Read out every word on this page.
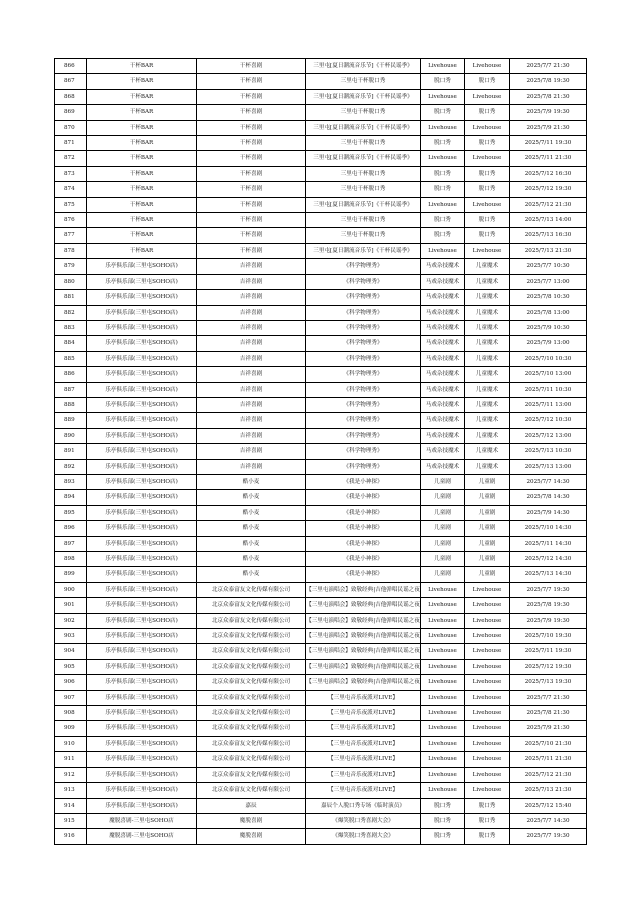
866	干杯BAR	干杯喜剧	三里屯[夏日潮流音乐节]《干杯民谣季》	Livehouse	Livehouse	2025/7/7 21:30
867	干杯BAR	干杯喜剧	三里屯干杯脱口秀	脱口秀	脱口秀	2025/7/8 19:30
868	干杯BAR	干杯喜剧	三里屯[夏日潮流音乐节]《干杯民谣季》	Livehouse	Livehouse	2025/7/8 21:30
869	干杯BAR	干杯喜剧	三里屯干杯脱口秀	脱口秀	脱口秀	2025/7/9 19:30
870	干杯BAR	干杯喜剧	三里屯[夏日潮流音乐节]《干杯民谣季》	Livehouse	Livehouse	2025/7/9 21:30
871	干杯BAR	干杯喜剧	三里屯干杯脱口秀	脱口秀	脱口秀	2025/7/11 19:30
872	干杯BAR	干杯喜剧	三里屯[夏日潮流音乐节]《干杯民谣季》	Livehouse	Livehouse	2025/7/11 21:30
873	干杯BAR	干杯喜剧	三里屯干杯脱口秀	脱口秀	脱口秀	2025/7/12 16:30
874	干杯BAR	干杯喜剧	三里屯干杯脱口秀	脱口秀	脱口秀	2025/7/12 19:30
875	干杯BAR	干杯喜剧	三里屯[夏日潮流音乐节]《干杯民谣季》	Livehouse	Livehouse	2025/7/12 21:30
876	干杯BAR	干杯喜剧	三里屯干杯脱口秀	脱口秀	脱口秀	2025/7/13 14:00
877	干杯BAR	干杯喜剧	三里屯干杯脱口秀	脱口秀	脱口秀	2025/7/13 16:30
878	干杯BAR	干杯喜剧	三里屯[夏日潮流音乐节]《干杯民谣季》	Livehouse	Livehouse	2025/7/13 21:30
879	乐亭俱乐部(三里屯SOHO店)	吉祥喜剧	《科学物理秀》	马戏杂技魔术	儿童魔术	2025/7/7 10:30
880	乐亭俱乐部(三里屯SOHO店)	吉祥喜剧	《科学物理秀》	马戏杂技魔术	儿童魔术	2025/7/7 13:00
881	乐亭俱乐部(三里屯SOHO店)	吉祥喜剧	《科学物理秀》	马戏杂技魔术	儿童魔术	2025/7/8 10:30
882	乐亭俱乐部(三里屯SOHO店)	吉祥喜剧	《科学物理秀》	马戏杂技魔术	儿童魔术	2025/7/8 13:00
883	乐亭俱乐部(三里屯SOHO店)	吉祥喜剧	《科学物理秀》	马戏杂技魔术	儿童魔术	2025/7/9 10:30
884	乐亭俱乐部(三里屯SOHO店)	吉祥喜剧	《科学物理秀》	马戏杂技魔术	儿童魔术	2025/7/9 13:00
885	乐亭俱乐部(三里屯SOHO店)	吉祥喜剧	《科学物理秀》	马戏杂技魔术	儿童魔术	2025/7/10 10:30
886	乐亭俱乐部(三里屯SOHO店)	吉祥喜剧	《科学物理秀》	马戏杂技魔术	儿童魔术	2025/7/10 13:00
887	乐亭俱乐部(三里屯SOHO店)	吉祥喜剧	《科学物理秀》	马戏杂技魔术	儿童魔术	2025/7/11 10:30
888	乐亭俱乐部(三里屯SOHO店)	吉祥喜剧	《科学物理秀》	马戏杂技魔术	儿童魔术	2025/7/11 13:00
889	乐亭俱乐部(三里屯SOHO店)	吉祥喜剧	《科学物理秀》	马戏杂技魔术	儿童魔术	2025/7/12 10:30
890	乐亭俱乐部(三里屯SOHO店)	吉祥喜剧	《科学物理秀》	马戏杂技魔术	儿童魔术	2025/7/12 13:00
891	乐亭俱乐部(三里屯SOHO店)	吉祥喜剧	《科学物理秀》	马戏杂技魔术	儿童魔术	2025/7/13 10:30
892	乐亭俱乐部(三里屯SOHO店)	吉祥喜剧	《科学物理秀》	马戏杂技魔术	儿童魔术	2025/7/13 13:00
893	乐亭俱乐部(三里屯SOHO店)	酷小麦	《我是小神探》	儿童剧	儿童剧	2025/7/7 14:30
894	乐亭俱乐部(三里屯SOHO店)	酷小麦	《我是小神探》	儿童剧	儿童剧	2025/7/8 14:30
895	乐亭俱乐部(三里屯SOHO店)	酷小麦	《我是小神探》	儿童剧	儿童剧	2025/7/9 14:30
896	乐亭俱乐部(三里屯SOHO店)	酷小麦	《我是小神探》	儿童剧	儿童剧	2025/7/10 14:30
897	乐亭俱乐部(三里屯SOHO店)	酷小麦	《我是小神探》	儿童剧	儿童剧	2025/7/11 14:30
898	乐亭俱乐部(三里屯SOHO店)	酷小麦	《我是小神探》	儿童剧	儿童剧	2025/7/12 14:30
899	乐亭俱乐部(三里屯SOHO店)	酷小麦	《我是小神探》	儿童剧	儿童剧	2025/7/13 14:30
900	乐亭俱乐部(三里屯SOHO店)	北京众泰富友文化传媒有限公司	【三里屯演唱会】致敬经典|吉他弹唱民谣之夜	Livehouse	Livehouse	2025/7/7 19:30
901	乐亭俱乐部(三里屯SOHO店)	北京众泰富友文化传媒有限公司	【三里屯演唱会】致敬经典|吉他弹唱民谣之夜	Livehouse	Livehouse	2025/7/8 19:30
902	乐亭俱乐部(三里屯SOHO店)	北京众泰富友文化传媒有限公司	【三里屯演唱会】致敬经典|吉他弹唱民谣之夜	Livehouse	Livehouse	2025/7/9 19:30
903	乐亭俱乐部(三里屯SOHO店)	北京众泰富友文化传媒有限公司	【三里屯演唱会】致敬经典|吉他弹唱民谣之夜	Livehouse	Livehouse	2025/7/10 19:30
904	乐亭俱乐部(三里屯SOHO店)	北京众泰富友文化传媒有限公司	【三里屯演唱会】致敬经典|吉他弹唱民谣之夜	Livehouse	Livehouse	2025/7/11 19:30
905	乐亭俱乐部(三里屯SOHO店)	北京众泰富友文化传媒有限公司	【三里屯演唱会】致敬经典|吉他弹唱民谣之夜	Livehouse	Livehouse	2025/7/12 19:30
906	乐亭俱乐部(三里屯SOHO店)	北京众泰富友文化传媒有限公司	【三里屯演唱会】致敬经典|吉他弹唱民谣之夜	Livehouse	Livehouse	2025/7/13 19:30
907	乐亭俱乐部(三里屯SOHO店)	北京众泰富友文化传媒有限公司	【三里屯音乐夜派对LIVE】	Livehouse	Livehouse	2025/7/7 21:30
908	乐亭俱乐部(三里屯SOHO店)	北京众泰富友文化传媒有限公司	【三里屯音乐夜派对LIVE】	Livehouse	Livehouse	2025/7/8 21:30
909	乐亭俱乐部(三里屯SOHO店)	北京众泰富友文化传媒有限公司	【三里屯音乐夜派对LIVE】	Livehouse	Livehouse	2025/7/9 21:30
910	乐亭俱乐部(三里屯SOHO店)	北京众泰富友文化传媒有限公司	【三里屯音乐夜派对LIVE】	Livehouse	Livehouse	2025/7/10 21:30
911	乐亭俱乐部(三里屯SOHO店)	北京众泰富友文化传媒有限公司	【三里屯音乐夜派对LIVE】	Livehouse	Livehouse	2025/7/11 21:30
912	乐亭俱乐部(三里屯SOHO店)	北京众泰富友文化传媒有限公司	【三里屯音乐夜派对LIVE】	Livehouse	Livehouse	2025/7/12 21:30
913	乐亭俱乐部(三里屯SOHO店)	北京众泰富友文化传媒有限公司	【三里屯音乐夜派对LIVE】	Livehouse	Livehouse	2025/7/13 21:30
914	乐亭俱乐部(三里屯SOHO店)	嘉辰	嘉辰个人脱口秀专场《临时演员》	脱口秀	脱口秀	2025/7/12 15:40
915	魔脱喜剧-三里屯SOHO店	魔脱喜剧	《爆笑脱口秀喜剧大会》	脱口秀	脱口秀	2025/7/7 14:30
916	魔脱喜剧-三里屯SOHO店	魔脱喜剧	《爆笑脱口秀喜剧大会》	脱口秀	脱口秀	2025/7/7 19:30
